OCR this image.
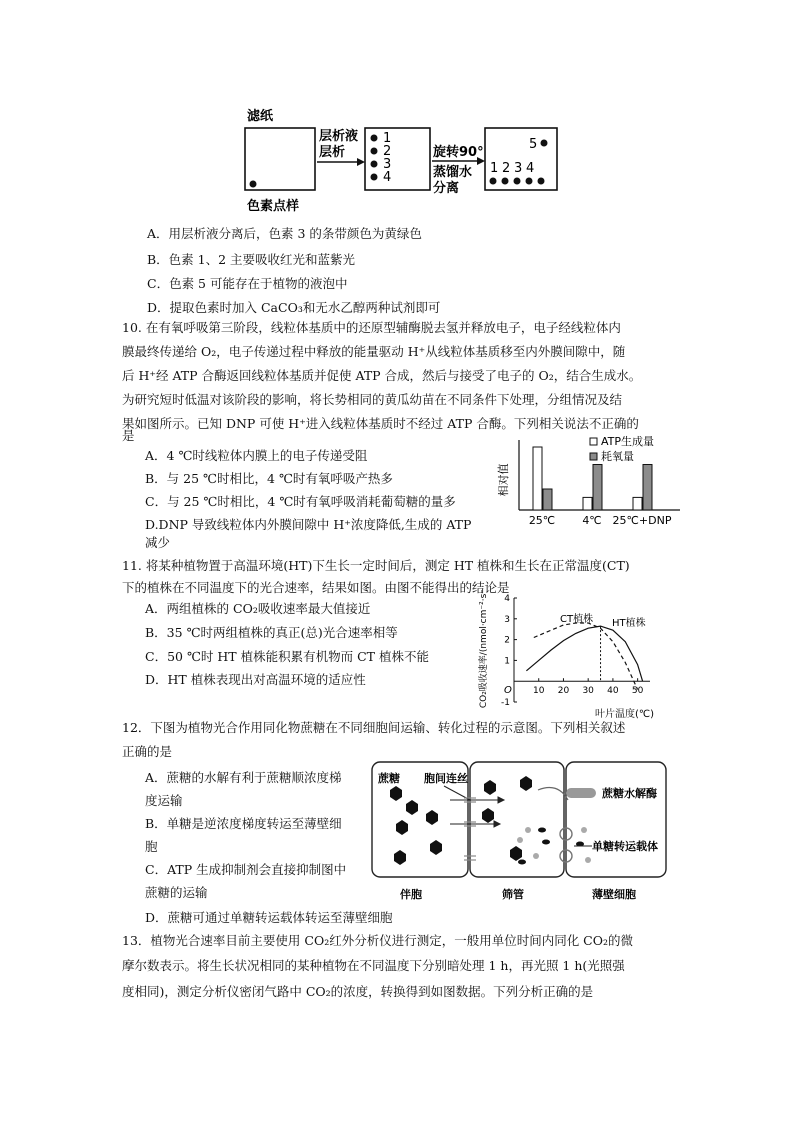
滤纸
色素点样
层析液
层析
1
2
3
4
旋转90°
蒸馏水
分离
5
1 2 3 4
A．用层析液分离后，色素 3 的条带颜色为黄绿色
B．色素 1、2 主要吸收红光和蓝紫光
C．色素 5 可能存在于植物的液泡中
D．提取色素时加入 CaCO₃和无水乙醇两种试剂即可
10. 在有氧呼吸第三阶段，线粒体基质中的还原型辅酶脱去氢并释放电子，电子经线粒体内
膜最终传递给 O₂，电子传递过程中释放的能量驱动 H⁺从线粒体基质移至内外膜间隙中，随
后 H⁺经 ATP 合酶返回线粒体基质并促使 ATP 合成，然后与接受了电子的 O₂，结合生成水。
为研究短时低温对该阶段的影响，将长势相同的黄瓜幼苗在不同条件下处理，分组情况及结
果如图所示。已知 DNP 可使 H⁺进入线粒体基质时不经过 ATP 合酶。下列相关说法不正确的
是
A．4 ℃时线粒体内膜上的电子传递受阻
B．与 25 ℃时相比，4 ℃时有氧呼吸产热多
C．与 25 ℃时相比，4 ℃时有氧呼吸消耗葡萄糖的量多
D.DNP 导致线粒体内外膜间隙中 H⁺浓度降低,生成的 ATP
减少
相对值
25℃ 4℃ 25℃+DNP
ATP生成量
耗氧量
11. 将某种植物置于高温环境(HT)下生长一定时间后，测定 HT 植株和生长在正常温度(CT)
下的植株在不同温度下的光合速率，结果如图。由图不能得出的结论是
A．两组植株的 CO₂吸收速率最大值接近
B．35 ℃时两组植株的真正(总)光合速率相等
C．50 ℃时 HT 植株能积累有机物而 CT 植株不能
D．HT 植株表现出对高温环境的适应性	CO₂吸收速率/(nmol·cm⁻²·s⁻¹) -1
1
2
3
4
10 20 30 40 50
O
叶片温度(℃)
CT植株 HT植株
12．下图为植物光合作用同化物蔗糖在不同细胞间运输、转化过程的示意图。下列相关叙述
正确的是
A．蔗糖的水解有利于蔗糖顺浓度梯
度运输
B．单糖是逆浓度梯度转运至薄壁细
胞
C．ATP 生成抑制剂会直接抑制图中
蔗糖的运输
D．蔗糖可通过单糖转运载体转运至薄壁细胞
蔗糖 胞间连丝
蔗糖水解酶
单糖转运载体
伴胞	筛管	薄壁细胞
13．植物光合速率目前主要使用 CO₂红外分析仪进行测定，一般用单位时间内同化 CO₂的微
摩尔数表示。将生长状况相同的某种植物在不同温度下分别暗处理 1 h，再光照 1 h(光照强
度相同)，测定分析仪密闭气路中 CO₂的浓度，转换得到如图数据。下列分析正确的是
